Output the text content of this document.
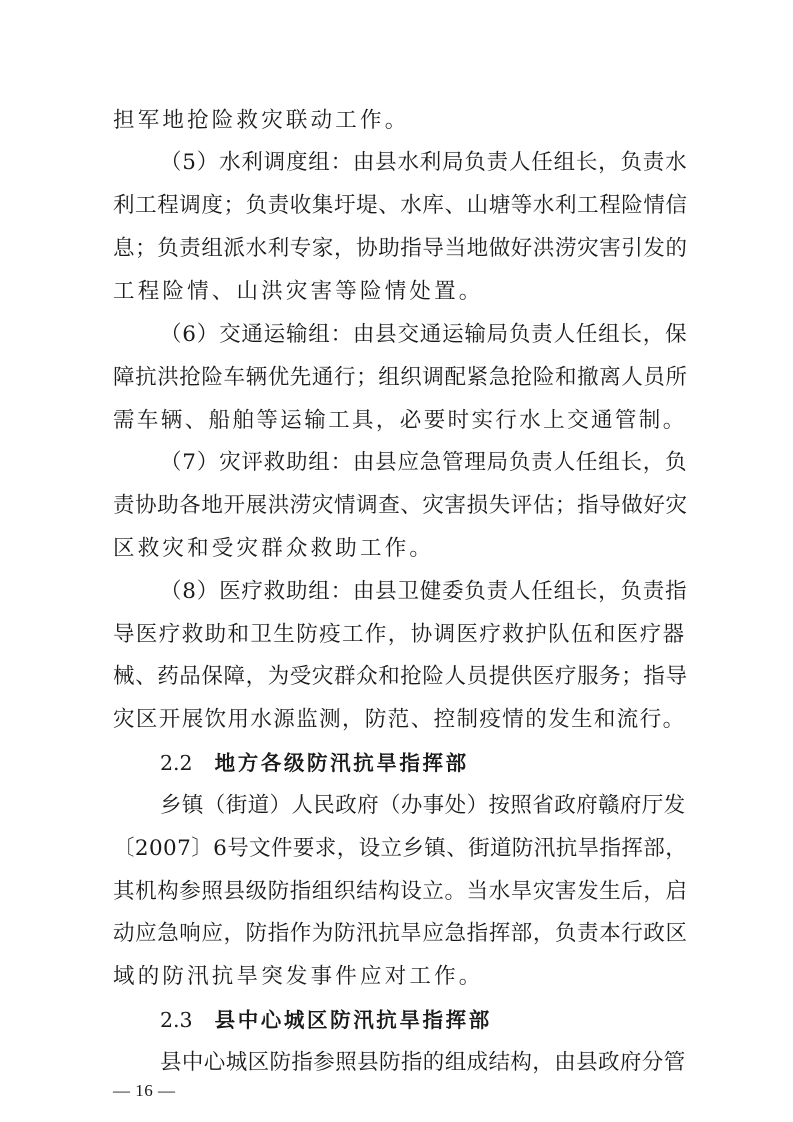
担军地抢险救灾联动工作。
（5）水利调度组：由县水利局负责人任组长，负责水
利工程调度；负责收集圩堤、水库、山塘等水利工程险情信
息；负责组派水利专家，协助指导当地做好洪涝灾害引发的
工程险情、山洪灾害等险情处置。
（6）交通运输组：由县交通运输局负责人任组长，保
障抗洪抢险车辆优先通行；组织调配紧急抢险和撤离人员所
需车辆、船舶等运输工具，必要时实行水上交通管制。
（7）灾评救助组：由县应急管理局负责人任组长，负
责协助各地开展洪涝灾情调查、灾害损失评估；指导做好灾
区救灾和受灾群众救助工作。
（8）医疗救助组：由县卫健委负责人任组长，负责指
导医疗救助和卫生防疫工作，协调医疗救护队伍和医疗器
械、药品保障，为受灾群众和抢险人员提供医疗服务；指导
灾区开展饮用水源监测，防范、控制疫情的发生和流行。
2.2 地方各级防汛抗旱指挥部
乡镇（街道）人民政府（办事处）按照省政府赣府厅发
〔2007〕6号文件要求，设立乡镇、街道防汛抗旱指挥部，
其机构参照县级防指组织结构设立。当水旱灾害发生后，启
动应急响应，防指作为防汛抗旱应急指挥部，负责本行政区
域的防汛抗旱突发事件应对工作。
2.3 县中心城区防汛抗旱指挥部
县中心城区防指参照县防指的组成结构，由县政府分管
— 16 —
